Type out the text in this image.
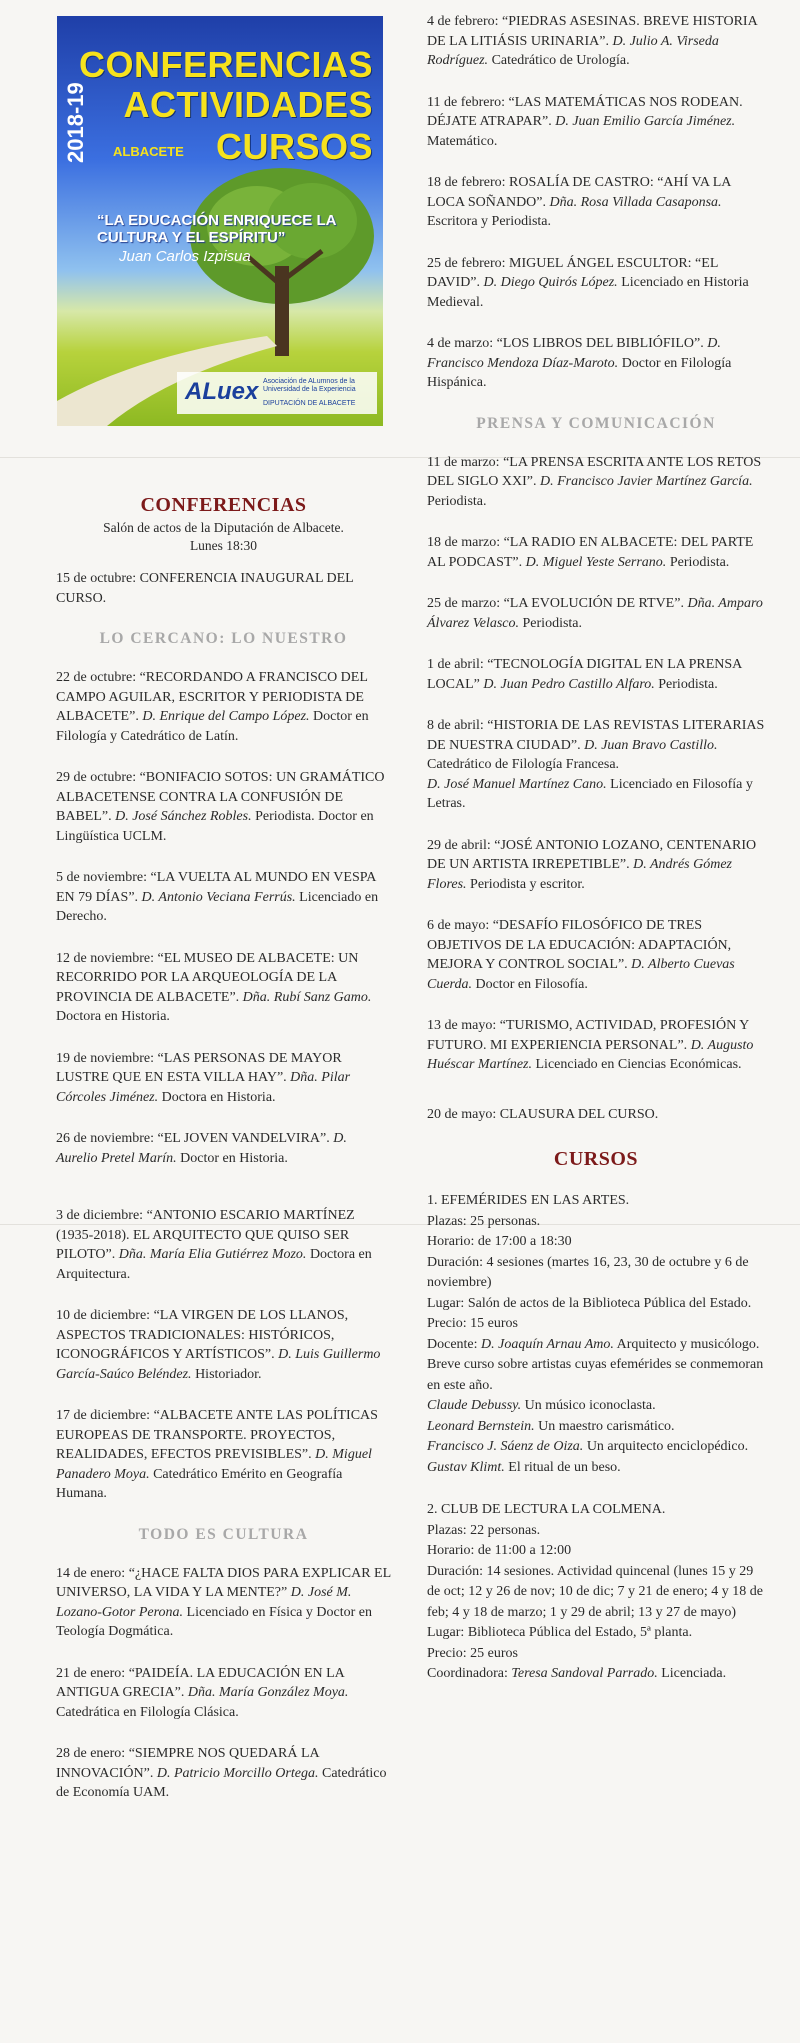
2018-19
CONFERENCIAS
ACTIVIDADES
ALBACETE CURSOS
“LA EDUCACIÓN ENRIQUECE LA CULTURA Y EL ESPÍRITU”
Juan Carlos Izpisua
ALuex Asociación de ALumnos de la Universidad de la Experiencia
DIPUTACIÓN DE ALBACETE
CONFERENCIAS
Salón de actos de la Diputación de Albacete.
Lunes 18:30

15 de octubre: CONFERENCIA INAUGURAL DEL CURSO.

LO CERCANO: LO NUESTRO

22 de octubre: “RECORDANDO A FRANCISCO DEL CAMPO AGUILAR, ESCRITOR Y PERIODISTA DE ALBACETE”. D. Enrique del Campo López. Doctor en Filología y Catedrático de Latín.

29 de octubre: “BONIFACIO SOTOS: UN GRAMÁTICO ALBACETENSE CONTRA LA CONFUSIÓN DE BABEL”. D. José Sánchez Robles. Periodista. Doctor en Lingüística UCLM.

5 de noviembre: “LA VUELTA AL MUNDO EN VESPA EN 79 DÍAS”. D. Antonio Veciana Ferrús. Licenciado en Derecho.

12 de noviembre: “EL MUSEO DE ALBACETE: UN RECORRIDO POR LA ARQUEOLOGÍA DE LA PROVINCIA DE ALBACETE”. Dña. Rubí Sanz Gamo. Doctora en Historia.

19 de noviembre: “LAS PERSONAS DE MAYOR LUSTRE QUE EN ESTA VILLA HAY”. Dña. Pilar Córcoles Jiménez. Doctora en Historia.

26 de noviembre: “EL JOVEN VANDELVIRA”. D. Aurelio Pretel Marín. Doctor en Historia.

3 de diciembre: “ANTONIO ESCARIO MARTÍNEZ (1935-2018). EL ARQUITECTO QUE QUISO SER PILOTO”. Dña. María Elia Gutiérrez Mozo. Doctora en Arquitectura.

10 de diciembre: “LA VIRGEN DE LOS LLANOS, ASPECTOS TRADICIONALES: HISTÓRICOS, ICONOGRÁFICOS Y ARTÍSTICOS”. D. Luis Guillermo García-Saúco Beléndez. Historiador.

17 de diciembre: “ALBACETE ANTE LAS POLÍTICAS EUROPEAS DE TRANSPORTE. PROYECTOS, REALIDADES, EFECTOS PREVISIBLES”. D. Miguel Panadero Moya. Catedrático Emérito en Geografía Humana.

TODO ES CULTURA

14 de enero: “¿HACE FALTA DIOS PARA EXPLICAR EL UNIVERSO, LA VIDA Y LA MENTE?” D. José M. Lozano-Gotor Perona. Licenciado en Física y Doctor en Teología Dogmática.

21 de enero: “PAIDEÍA. LA EDUCACIÓN EN LA ANTIGUA GRECIA”. Dña. María González Moya. Catedrática en Filología Clásica.

28 de enero: “SIEMPRE NOS QUEDARÁ LA INNOVACIÓN”. D. Patricio Morcillo Ortega. Catedrático de Economía UAM.

4 de febrero: “PIEDRAS ASESINAS. BREVE HISTORIA DE LA LITIÁSIS URINARIA”. D. Julio A. Virseda Rodríguez. Catedrático de Urología.

11 de febrero: “LAS MATEMÁTICAS NOS RODEAN. DÉJATE ATRAPAR”. D. Juan Emilio García Jiménez. Matemático.

18 de febrero: ROSALÍA DE CASTRO: “AHÍ VA LA LOCA SOÑANDO”. Dña. Rosa Villada Casaponsa. Escritora y Periodista.

25 de febrero: MIGUEL ÁNGEL ESCULTOR: “EL DAVID”. D. Diego Quirós López. Licenciado en Historia Medieval.

4 de marzo: “LOS LIBROS DEL BIBLIÓFILO”. D. Francisco Mendoza Díaz-Maroto. Doctor en Filología Hispánica.

PRENSA Y COMUNICACIÓN

11 de marzo: “LA PRENSA ESCRITA ANTE LOS RETOS DEL SIGLO XXI”. D. Francisco Javier Martínez García. Periodista.

18 de marzo: “LA RADIO EN ALBACETE: DEL PARTE AL PODCAST”. D. Miguel Yeste Serrano. Periodista.

25 de marzo: “LA EVOLUCIÓN DE RTVE”. Dña. Amparo Álvarez Velasco. Periodista.

1 de abril: “TECNOLOGÍA DIGITAL EN LA PRENSA LOCAL” D. Juan Pedro Castillo Alfaro. Periodista.

8 de abril: “HISTORIA DE LAS REVISTAS LITERARIAS DE NUESTRA CIUDAD”. D. Juan Bravo Castillo. Catedrático de Filología Francesa.
D. José Manuel Martínez Cano. Licenciado en Filosofía y Letras.

29 de abril: “JOSÉ ANTONIO LOZANO, CENTENARIO DE UN ARTISTA IRREPETIBLE”. D. Andrés Gómez Flores. Periodista y escritor.

6 de mayo: “DESAFÍO FILOSÓFICO DE TRES OBJETIVOS DE LA EDUCACIÓN: ADAPTACIÓN, MEJORA Y CONTROL SOCIAL”. D. Alberto Cuevas Cuerda. Doctor en Filosofía.

13 de mayo: “TURISMO, ACTIVIDAD, PROFESIÓN Y FUTURO. MI EXPERIENCIA PERSONAL”. D. Augusto Huéscar Martínez. Licenciado en Ciencias Económicas.

20 de mayo: CLAUSURA DEL CURSO.

CURSOS
1. EFEMÉRIDES EN LAS ARTES.
Plazas: 25 personas.
Horario: de 17:00 a 18:30
Duración: 4 sesiones (martes 16, 23, 30 de octubre y 6 de noviembre)
Lugar: Salón de actos de la Biblioteca Pública del Estado. Precio: 15 euros
Docente: D. Joaquín Arnau Amo. Arquitecto y musicólogo.
Breve curso sobre artistas cuyas efemérides se conmemoran en este año.
Claude Debussy. Un músico iconoclasta.
Leonard Bernstein. Un maestro carismático.
Francisco J. Sáenz de Oiza. Un arquitecto enciclopédico.
Gustav Klimt. El ritual de un beso.
2. CLUB DE LECTURA LA COLMENA.
Plazas: 22 personas.
Horario: de 11:00 a 12:00
Duración: 14 sesiones. Actividad quincenal (lunes 15 y 29 de oct; 12 y 26 de nov; 10 de dic; 7 y 21 de enero; 4 y 18 de feb; 4 y 18 de marzo; 1 y 29 de abril; 13 y 27 de mayo)
Lugar: Biblioteca Pública del Estado, 5ª planta.
Precio: 25 euros
Coordinadora: Teresa Sandoval Parrado. Licenciada.
